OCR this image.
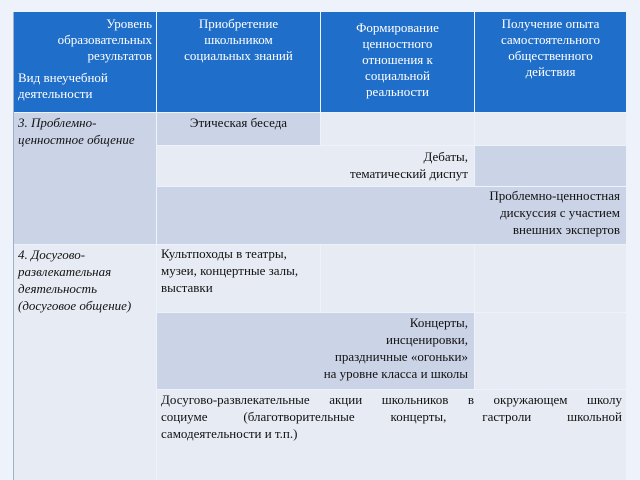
Уровень
образовательных
результатов
Вид внеучебной
деятельности
Приобретение
школьником
социальных знаний
Формирование
ценностного
отношения к
социальной
реальности
Получение опыта
самостоятельного
общественного
действия
3. Проблемно-
ценностное общение
Этическая беседа
Дебаты,
тематический диспут
Проблемно-ценностная
дискуссия с участием
внешних экспертов
4. Досугово-
развлекательная
деятельность
(досуговое общение)
Культпоходы в театры,
музеи, концертные залы,
выставки
Концерты,
инсценировки,
праздничные «огоньки»
на уровне класса и школы
Досугово-развлекательные акции школьников в окружающем школу
социуме (благотворительные концерты, гастроли школьной
самодеятельности и т.п.)
